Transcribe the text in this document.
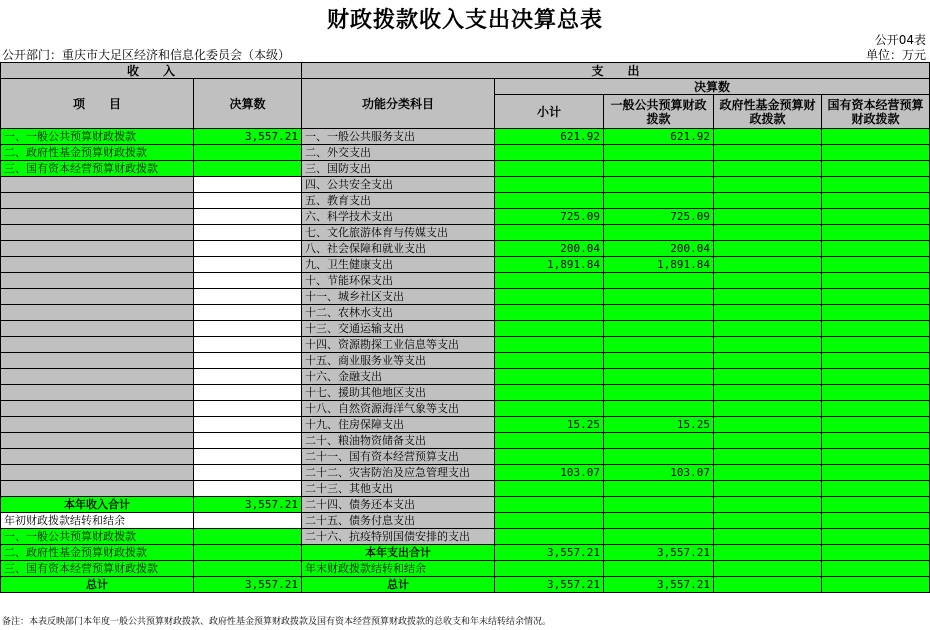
财政拨款收入支出决算总表
公开04表
公开部门：重庆市大足区经济和信息化委员会（本级）	单位：万元
收　　入		支　　出				
项　　目	决算数	功能分类科目	决算数			
			小计	一般公共预算财政拨款	政府性基金预算财政拨款	国有资本经营预算财政拨款
一、一般公共预算财政拨款	3,557.21	一、一般公共服务支出	621.92	621.92		
二、政府性基金预算财政拨款		二、外交支出				
三、国有资本经营预算财政拨款		三、国防支出				
		四、公共安全支出				
		五、教育支出				
		六、科学技术支出	725.09	725.09		
		七、文化旅游体育与传媒支出				
		八、社会保障和就业支出	200.04	200.04		
		九、卫生健康支出	1,891.84	1,891.84		
		十、节能环保支出				
		十一、城乡社区支出				
		十二、农林水支出				
		十三、交通运输支出				
		十四、资源勘探工业信息等支出				
		十五、商业服务业等支出				
		十六、金融支出				
		十七、援助其他地区支出				
		十八、自然资源海洋气象等支出				
		十九、住房保障支出	15.25	15.25		
		二十、粮油物资储备支出				
		二十一、国有资本经营预算支出				
		二十二、灾害防治及应急管理支出	103.07	103.07		
		二十三、其他支出				
本年收入合计	3,557.21	二十四、债务还本支出				
年初财政拨款结转和结余		二十五、债务付息支出				
一、一般公共预算财政拨款		二十六、抗疫特别国债安排的支出				
二、政府性基金预算财政拨款		本年支出合计	3,557.21	3,557.21		
三、国有资本经营预算财政拨款		年末财政拨款结转和结余				
总计	3,557.21	总计	3,557.21	3,557.21		
备注：本表反映部门本年度一般公共预算财政拨款、政府性基金预算财政拨款及国有资本经营预算财政拨款的总收支和年末结转结余情况。
